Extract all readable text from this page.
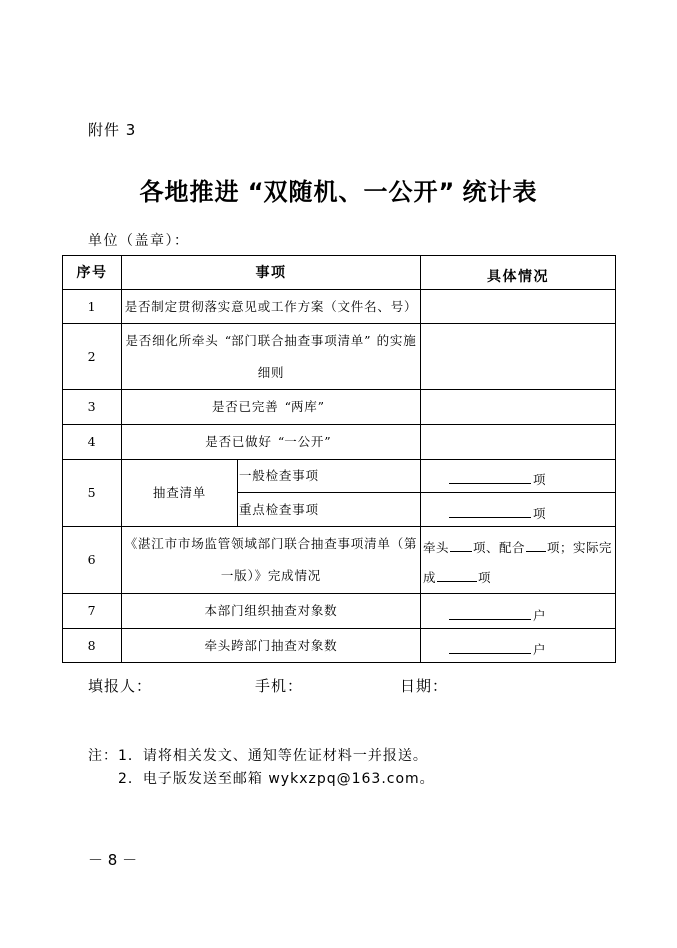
附件 3
各地推进 “双随机、一公开” 统计表
单位（盖章）：
序号	事项		具体情况
1	是否制定贯彻落实意见或工作方案（文件名、号）		
2	是否细化所牵头 “部门联合抽查事项清单” 的实施细则		
3	是否已完善 “两库”		
4	是否已做好 “一公开”		
5	抽查清单	一般检查事项	项
		重点检查事项	项
6	《湛江市市场监管领域部门联合抽查事项清单（第一版）》完成情况		牵头 项、配合 项；实际完成 项
7	本部门组织抽查对象数		户
8	牵头跨部门抽查对象数		户
填报人：	手机：	日期：
注：1．请将相关发文、通知等佐证材料一并报送。
2．电子版发送至邮箱 wykxzpq@163.com。
－ 8 －
